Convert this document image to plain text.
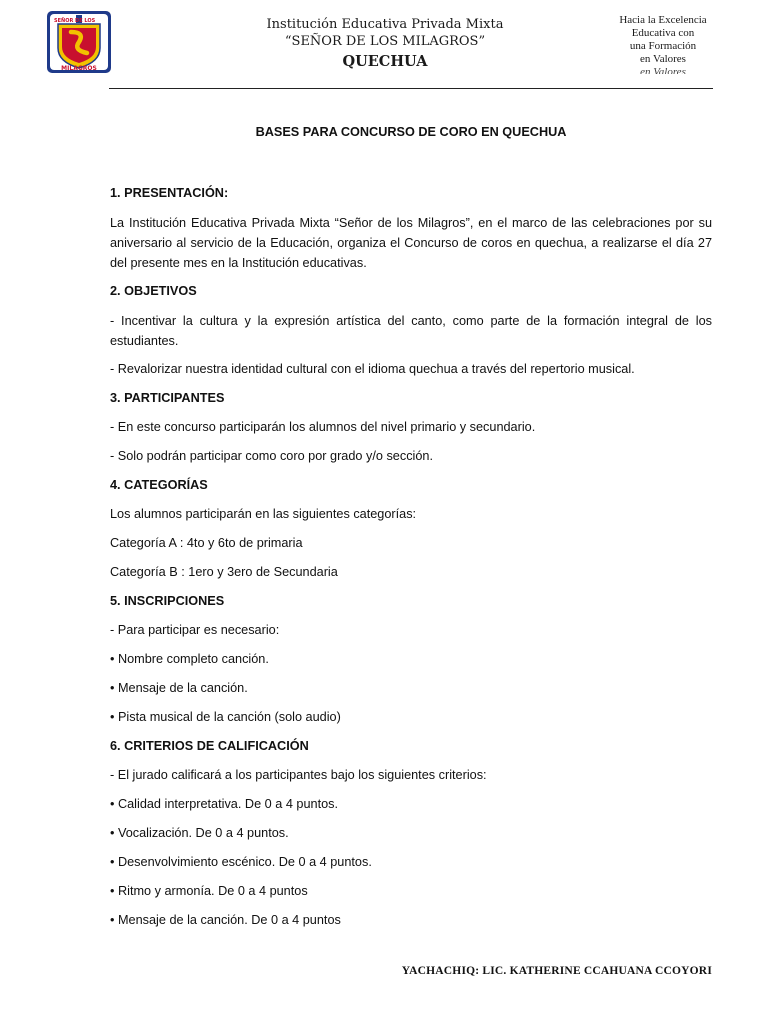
SEÑOR DE LOS
MILAGROS
Institución Educativa Privada Mixta
“SEÑOR DE LOS MILAGROS”
QUECHUA
Hacia la Excelencia
Educativa con
una Formación
en Valores
en Valores
BASES PARA CONCURSO DE CORO EN QUECHUA
1. PRESENTACIÓN:
La Institución Educativa Privada Mixta “Señor de los Milagros”, en el marco de las celebraciones por su aniversario al servicio de la Educación, organiza el Concurso de coros en quechua, a realizarse el día 27 del presente mes en la Institución educativas.
2. OBJETIVOS
- Incentivar la cultura y la expresión artística del canto, como parte de la formación integral de los estudiantes.
- Revalorizar nuestra identidad cultural con el idioma quechua a través del repertorio musical.
3. PARTICIPANTES
- En este concurso participarán los alumnos del nivel primario y secundario.
- Solo podrán participar como coro por grado y/o sección.
4. CATEGORÍAS
Los alumnos participarán en las siguientes categorías:
Categoría A : 4to y 6to de primaria
Categoría B : 1ero y 3ero de Secundaria
5. INSCRIPCIONES
- Para participar es necesario:
• Nombre completo canción.
• Mensaje de la canción.
• Pista musical de la canción (solo audio)
6. CRITERIOS DE CALIFICACIÓN
- El jurado calificará a los participantes bajo los siguientes criterios:
• Calidad interpretativa. De 0 a 4 puntos.
• Vocalización. De 0 a 4 puntos.
• Desenvolvimiento escénico. De 0 a 4 puntos.
• Ritmo y armonía. De 0 a 4 puntos
• Mensaje de la canción. De 0 a 4 puntos
YACHACHIQ: LIC. KATHERINE CCAHUANA CCOYORI
